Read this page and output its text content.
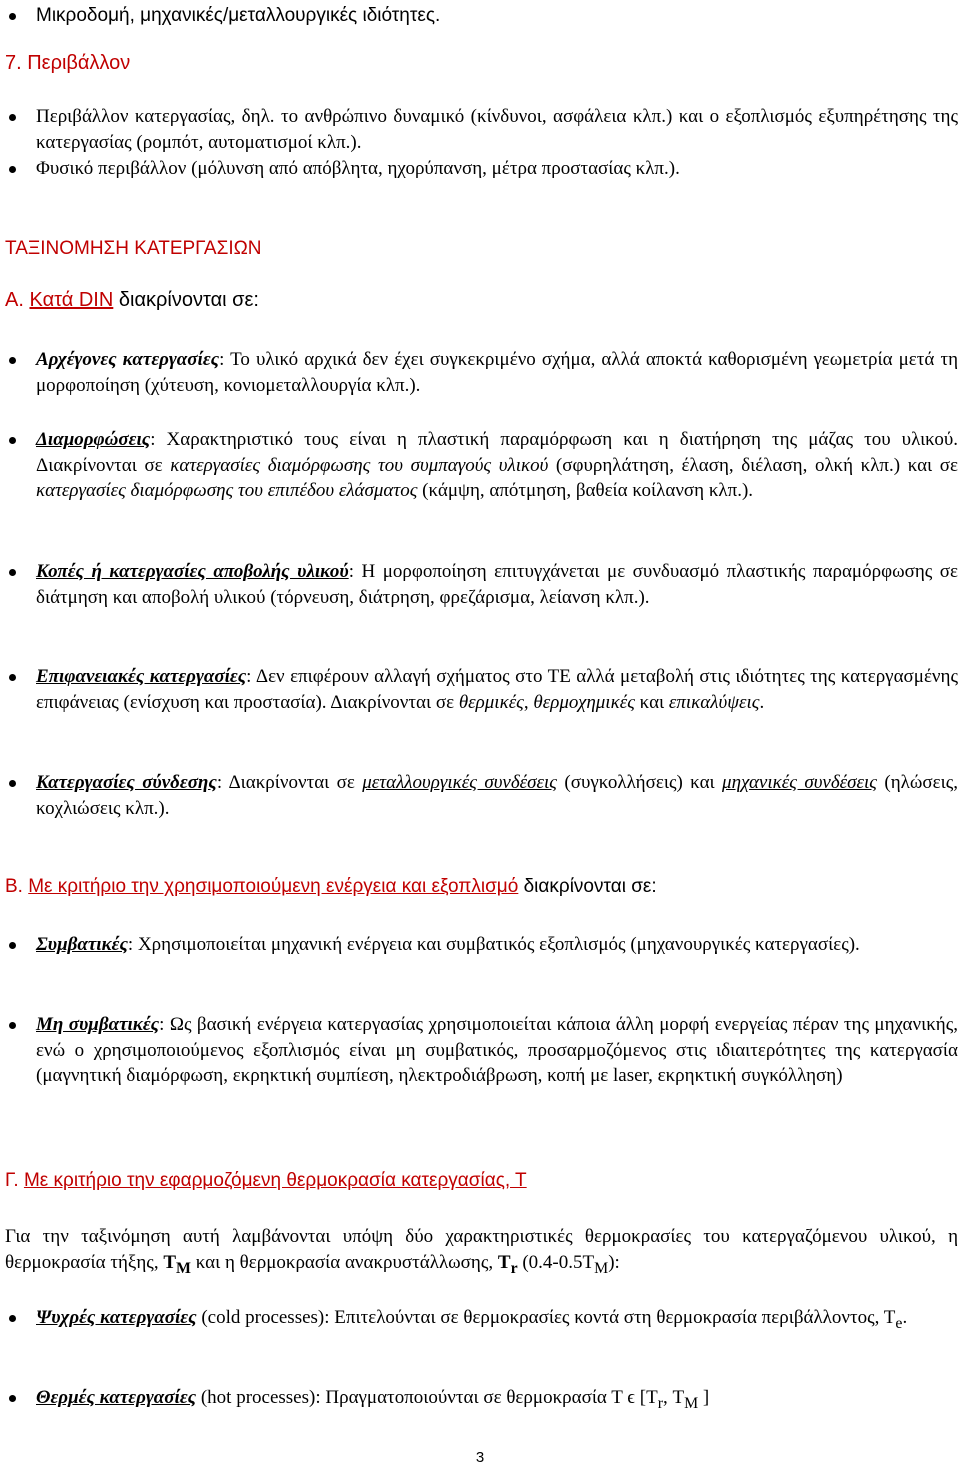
Μικροδομή, μηχανικές/μεταλλουργικές ιδιότητες.
7. Περιβάλλον
Περιβάλλον κατεργασίας, δηλ. το ανθρώπινο δυναμικό (κίνδυνοι, ασφάλεια κλπ.) και ο εξοπλισμός εξυπηρέτησης της κατεργασίας (ρομπότ, αυτοματισμοί κλπ.).
Φυσικό περιβάλλον (μόλυνση από απόβλητα, ηχορύπανση, μέτρα προστασίας κλπ.).
ΤΑΞΙΝΟΜΗΣΗ ΚΑΤΕΡΓΑΣΙΩΝ
Α. Κατά DIN διακρίνονται σε:
Αρχέγονες κατεργασίες: Το υλικό αρχικά δεν έχει συγκεκριμένο σχήμα, αλλά αποκτά καθορισμένη γεωμετρία μετά τη μορφοποίηση (χύτευση, κονιομεταλλουργία κλπ.).
Διαμορφώσεις: Χαρακτηριστικό τους είναι η πλαστική παραμόρφωση και η διατήρηση της μάζας του υλικού. Διακρίνονται σε κατεργασίες διαμόρφωσης του συμπαγούς υλικού (σφυρηλάτηση, έλαση, διέλαση, ολκή κλπ.) και σε κατεργασίες διαμόρφωσης του επιπέδου ελάσματος (κάμψη, απότμηση, βαθεία κοίλανση κλπ.).
Κοπές ή κατεργασίες αποβολής υλικού: Η μορφοποίηση επιτυγχάνεται με συνδυασμό πλαστικής παραμόρφωσης σε διάτμηση και αποβολή υλικού (τόρνευση, διάτρηση, φρεζάρισμα, λείανση κλπ.).
Επιφανειακές κατεργασίες: Δεν επιφέρουν αλλαγή σχήματος στο ΤΕ αλλά μεταβολή στις ιδιότητες της κατεργασμένης επιφάνειας (ενίσχυση και προστασία). Διακρίνονται σε θερμικές, θερμοχημικές και επικαλύψεις.
Κατεργασίες σύνδεσης: Διακρίνονται σε μεταλλουργικές συνδέσεις (συγκολλήσεις) και μηχανικές συνδέσεις (ηλώσεις, κοχλιώσεις κλπ.).
Β. Με κριτήριο την χρησιμοποιούμενη ενέργεια και εξοπλισμό διακρίνονται σε:
Συμβατικές: Χρησιμοποιείται μηχανική ενέργεια και συμβατικός εξοπλισμός (μηχανουργικές κατεργασίες).
Μη συμβατικές: Ως βασική ενέργεια κατεργασίας χρησιμοποιείται κάποια άλλη μορφή ενεργείας πέραν της μηχανικής, ενώ ο χρησιμοποιούμενος εξοπλισμός είναι μη συμβατικός, προσαρμοζόμενος στις ιδιαιτερότητες της κατεργασία (μαγνητική διαμόρφωση, εκρηκτική συμπίεση, ηλεκτροδιάβρωση, κοπή με laser, εκρηκτική συγκόλληση)
Γ. Με κριτήριο την εφαρμοζόμενη θερμοκρασία κατεργασίας, Τ
Για την ταξινόμηση αυτή λαμβάνονται υπόψη δύο χαρακτηριστικές θερμοκρασίες του κατεργαζόμενου υλικού, η θερμοκρασία τήξης, $T_M$ και η θερμοκρασία ανακρυστάλλωσης, $T_r$ $(0.4-0.5T_M)$:
Ψυχρές κατεργασίες (cold processes): Επιτελούνται σε θερμοκρασίες κοντά στη θερμοκρασία περιβάλλοντος, $T_e$.
Θερμές κατεργασίες (hot processes): Πραγματοποιούνται σε θερμοκρασία Τ ϵ [$T_r$, $T_M$ ]
3
